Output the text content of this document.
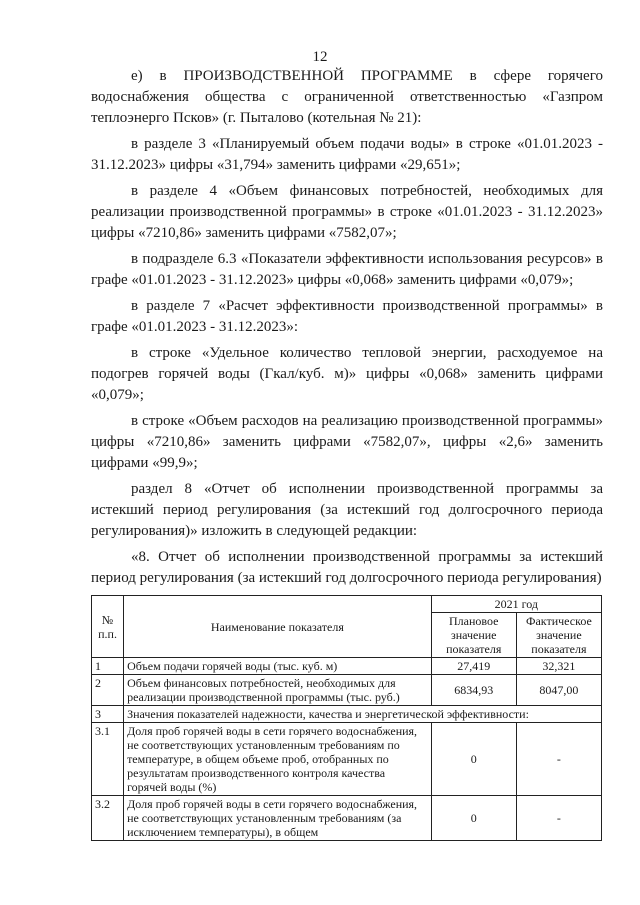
12

е) в ПРОИЗВОДСТВЕННОЙ ПРОГРАММЕ в сфере горячего водоснабжения общества с ограниченной ответственностью «Газпром теплоэнерго Псков» (г. Пыталово (котельная № 21):

в разделе 3 «Планируемый объем подачи воды» в строке «01.01.2023 - 31.12.2023» цифры «31,794» заменить цифрами «29,651»;

в разделе 4 «Объем финансовых потребностей, необходимых для реализации производственной программы» в строке «01.01.2023 - 31.12.2023» цифры «7210,86» заменить цифрами «7582,07»;

в подразделе 6.3 «Показатели эффективности использования ресурсов» в графе «01.01.2023 - 31.12.2023» цифры «0,068» заменить цифрами «0,079»;

в разделе 7 «Расчет эффективности производственной программы» в графе «01.01.2023 - 31.12.2023»:

в строке «Удельное количество тепловой энергии, расходуемое на подогрев горячей воды (Гкал/куб. м)» цифры «0,068» заменить цифрами «0,079»;

в строке «Объем расходов на реализацию производственной программы» цифры «7210,86» заменить цифрами «7582,07», цифры «2,6» заменить цифрами «99,9»;

раздел 8 «Отчет об исполнении производственной программы за истекший период регулирования (за истекший год долгосрочного периода регулирования)» изложить в следующей редакции:

«8. Отчет об исполнении производственной программы за истекший период регулирования (за истекший год долгосрочного периода регулирования)

№ п.п.	Наименование показателя	2021 год	
		Плановое значение показателя	Фактическое значение показателя
1	Объем подачи горячей воды (тыс. куб. м)	27,419	32,321
2	Объем финансовых потребностей, необходимых для реализации производственной программы (тыс. руб.)	6834,93	8047,00
3	Значения показателей надежности, качества и энергетической эффективности:		
3.1	Доля проб горячей воды в сети горячего водоснабжения, не соответствующих установленным требованиям по температуре, в общем объеме проб, отобранных по результатам производственного контроля качества горячей воды (%)	0	-
3.2	Доля проб горячей воды в сети горячего водоснабжения, не соответствующих установленным требованиям (за исключением температуры), в общем	0	-
